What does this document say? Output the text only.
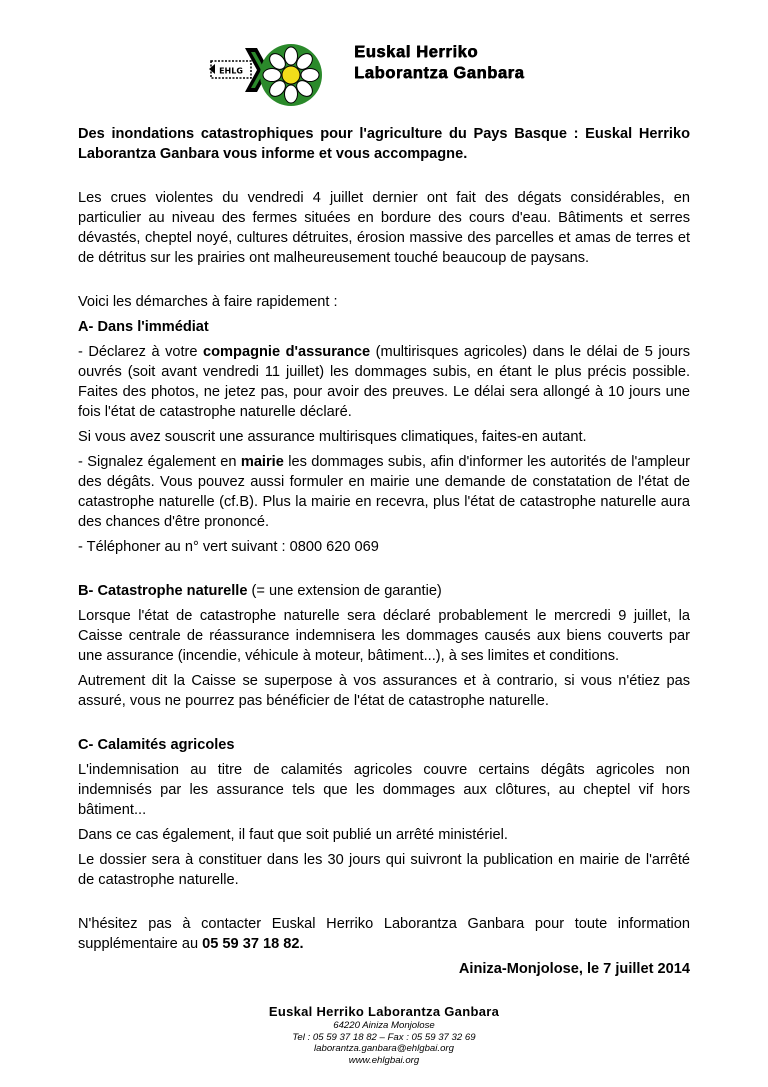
EHLG
Euskal Herriko
Laborantza Ganbara

Des inondations catastrophiques pour l'agriculture du Pays Basque : Euskal Herriko Laborantza Ganbara vous informe et vous accompagne.

Les crues violentes du vendredi 4 juillet dernier ont fait des dégats considérables, en particulier au niveau des fermes situées en bordure des cours d'eau. Bâtiments et serres dévastés, cheptel noyé, cultures détruites, érosion massive des parcelles et amas de terres et de détritus sur les prairies ont malheureusement touché beaucoup de paysans.

Voici les démarches à faire rapidement :

A- Dans l'immédiat

- Déclarez à votre compagnie d'assurance (multirisques agricoles) dans le délai de 5 jours ouvrés (soit avant vendredi 11 juillet) les dommages subis, en étant le plus précis possible. Faites des photos, ne jetez pas, pour avoir des preuves. Le délai sera allongé à 10 jours une fois l'état de catastrophe naturelle déclaré.

Si vous avez souscrit une assurance multirisques climatiques, faites-en autant.

- Signalez également en mairie les dommages subis, afin d'informer les autorités de l'ampleur des dégâts. Vous pouvez aussi formuler en mairie une demande de constatation de l'état de catastrophe naturelle (cf.B). Plus la mairie en recevra, plus l'état de catastrophe naturelle aura des chances d'être prononcé.

- Téléphoner au n° vert suivant : 0800 620 069

B- Catastrophe naturelle (= une extension de garantie)

Lorsque l'état de catastrophe naturelle sera déclaré probablement le mercredi 9 juillet, la Caisse centrale de réassurance indemnisera les dommages causés aux biens couverts par une assurance (incendie, véhicule à moteur, bâtiment...), à ses limites et conditions.

Autrement dit la Caisse se superpose à vos assurances et à contrario, si vous n'étiez pas assuré, vous ne pourrez pas bénéficier de l'état de catastrophe naturelle.

C- Calamités agricoles

L'indemnisation au titre de calamités agricoles couvre certains dégâts agricoles non indemnisés par les assurance tels que les dommages aux clôtures, au cheptel vif hors bâtiment...

Dans ce cas également, il faut que soit publié un arrêté ministériel.

Le dossier sera à constituer dans les 30 jours qui suivront la publication en mairie de l'arrêté de catastrophe naturelle.

N'hésitez pas à contacter Euskal Herriko Laborantza Ganbara pour toute information supplémentaire au 05 59 37 18 82.

Ainiza-Monjolose, le 7 juillet 2014

Euskal Herriko Laborantza Ganbara
64220 Ainiza Monjolose
Tel : 05 59 37 18 82 – Fax : 05 59 37 32 69
laborantza.ganbara@ehlgbai.org
www.ehlgbai.org
